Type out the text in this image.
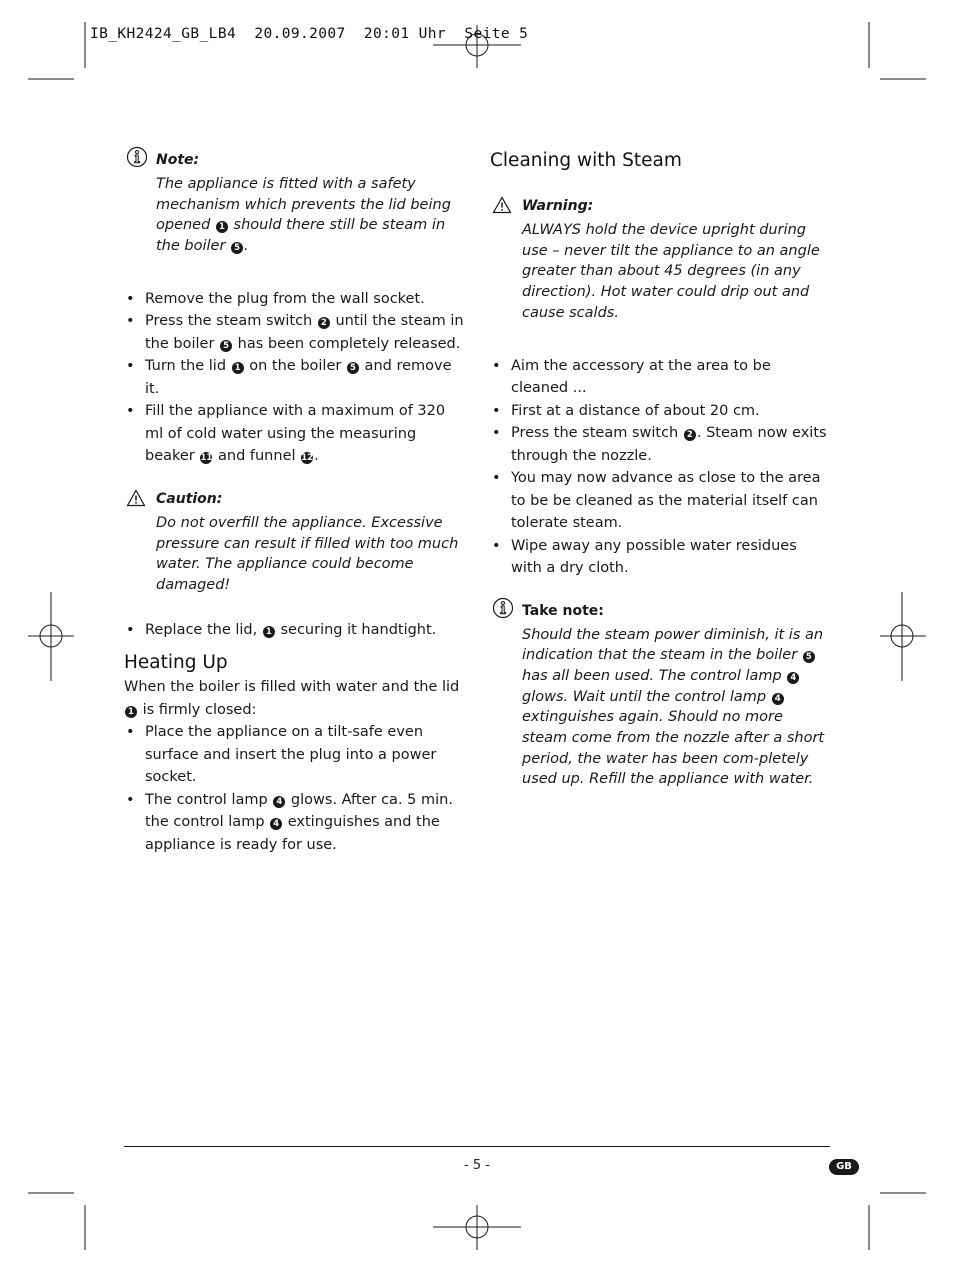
IB_KH2424_GB_LB4  20.09.2007  20:01 Uhr  Seite 5

Note:

The appliance is fitted with a safety mechanism which prevents the lid being opened 1 should there still be steam in the boiler 5 .

• Remove the plug from the wall socket.
• Press the steam switch 2 until the steam in the boiler 5 has been completely released.
• Turn the lid 1 on the boiler 5 and remove it.
• Fill the appliance with a maximum of 320 ml of cold water using the measuring beaker 11 and funnel 12.

Caution:

Do not overfill the appliance. Excessive pressure can result if filled with too much water. The appliance could become damaged!

• Replace the lid, 1 securing it handtight.
Heating Up

When the boiler is filled with water and the lid 1 is firmly closed:

• Place the appliance on a tilt-safe even surface and insert the plug into a power socket.
• The control lamp 4 glows. After ca. 5 min. the control lamp 4 extinguishes and the appliance is ready for use.
Cleaning with Steam

Warning:

ALWAYS hold the device upright during use – never tilt the appliance to an angle greater than about 45 degrees (in any direction). Hot water could drip out and cause scalds.

• Aim the accessory at the area to be cleaned ...
• First at a distance of about 20 cm.
• Press the steam switch 2 . Steam now exits through the nozzle.
• You may now advance as close to the area to be be cleaned as the material itself can tolerate steam.
• Wipe away any possible water residues with a dry cloth.

Take note:

Should the steam power diminish, it is an indication that the steam in the boiler 5 has all been used. The control lamp 4 glows. Wait until the control lamp 4 extinguishes again. Should no more steam come from the nozzle after a short period, the water has been com-pletely used up. Refill the appliance with water.

- 5 -	GB
